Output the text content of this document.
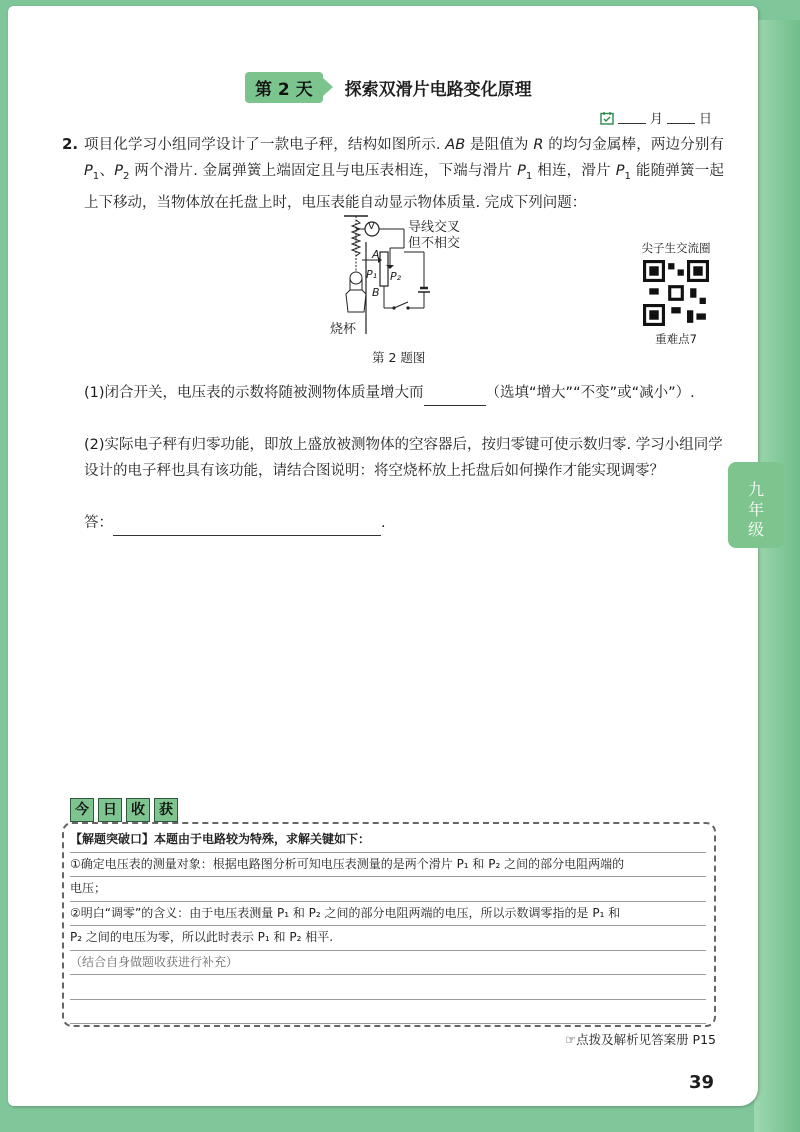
九年级
第 2 天	探索双滑片电路变化原理
月	日
2. 项目化学习小组同学设计了一款电子秤，结构如图所示. AB 是阻值为 R 的均匀金属棒，两边分别有 $P_1$、$P_2$ 两个滑片. 金属弹簧上端固定且与电压表相连，下端与滑片 $P_1$ 相连，滑片 $P_1$ 能随弹簧一起上下移动，当物体放在托盘上时，电压表能自动显示物体质量. 完成下列问题：
导线交叉
但不相交
V
A
P₁ P₂
B
烧杯
第 2 题图
尖子生交流圈
重难点7
(1)闭合开关，电压表的示数将随被测物体质量增大而	（选填“增大”“不变”或“减小”）.
(2)实际电子秤有归零功能，即放上盛放被测物体的空容器后，按归零键可使示数归零. 学习小组同学设计的电子秤也具有该功能，请结合图说明：将空烧杯放上托盘后如何操作才能实现调零？
答：	.
今	日	收	获
【解题突破口】本题由于电路较为特殊，求解关键如下：
①确定电压表的测量对象：根据电路图分析可知电压表测量的是两个滑片 P₁ 和 P₂ 之间的部分电阻两端的
电压；
②明白“调零”的含义：由于电压表测量 P₁ 和 P₂ 之间的部分电阻两端的电压，所以示数调零指的是 P₁ 和
P₂ 之间的电压为零，所以此时表示 P₁ 和 P₂ 相平.
（结合自身做题收获进行补充）
☞点拨及解析见答案册 P15
39
